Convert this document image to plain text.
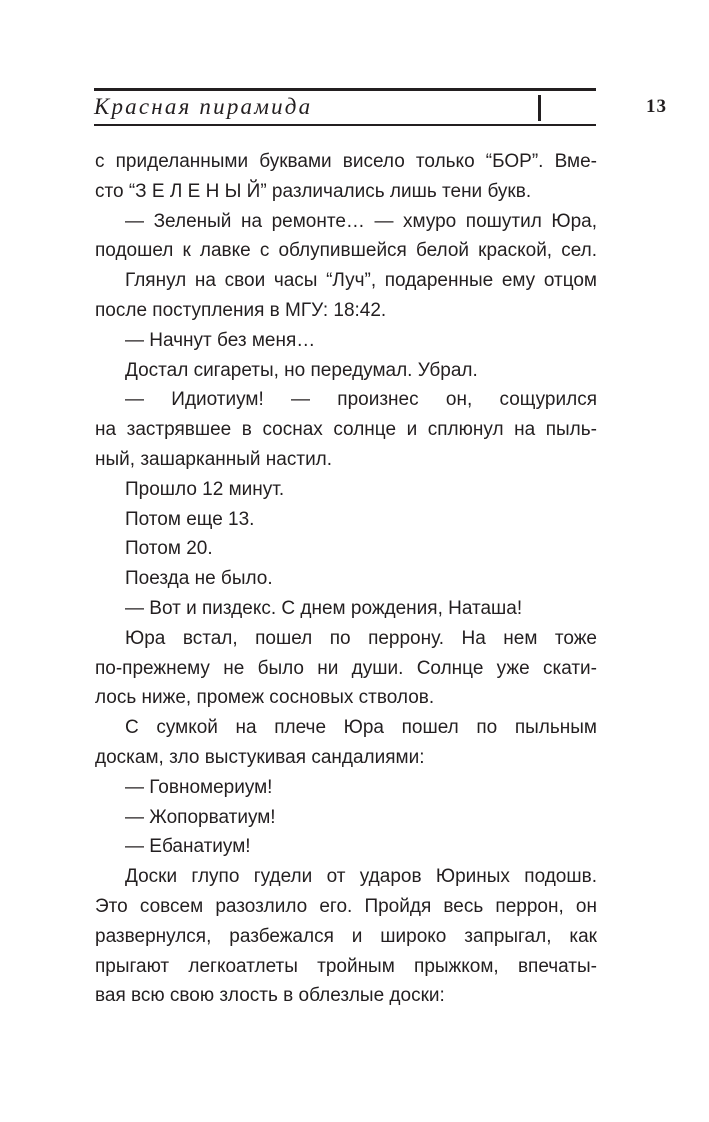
Красная пирамида	13
с приделанными буквами висело только “БОР”. Вме-
сто “З Е Л Е Н Ы Й” различались лишь тени букв.
— Зеленый на ремонте… — хмуро пошутил Юра,
подошел к лавке с облупившейся белой краской, сел.
Глянул на свои часы “Луч”, подаренные ему отцом
после поступления в МГУ: 18:42.
— Начнут без меня…
Достал сигареты, но передумал. Убрал.
— Идиотиум! — произнес он, сощурился
на застрявшее в соснах солнце и сплюнул на пыль-
ный, зашарканный настил.
Прошло 12 минут.
Потом еще 13.
Потом 20.
Поезда не было.
— Вот и пиздекс. С днем рождения, Наташа!
Юра встал, пошел по перрону. На нем тоже
по-прежнему не было ни души. Солнце уже скати-
лось ниже, промеж сосновых стволов.
С сумкой на плече Юра пошел по пыльным
доскам, зло выстукивая сандалиями:
— Говномериум!
— Жопорватиум!
— Ебанатиум!
Доски глупо гудели от ударов Юриных подошв.
Это совсем разозлило его. Пройдя весь перрон, он
развернулся, разбежался и широко запрыгал, как
прыгают легкоатлеты тройным прыжком, впечаты-
вая всю свою злость в облезлые доски:
